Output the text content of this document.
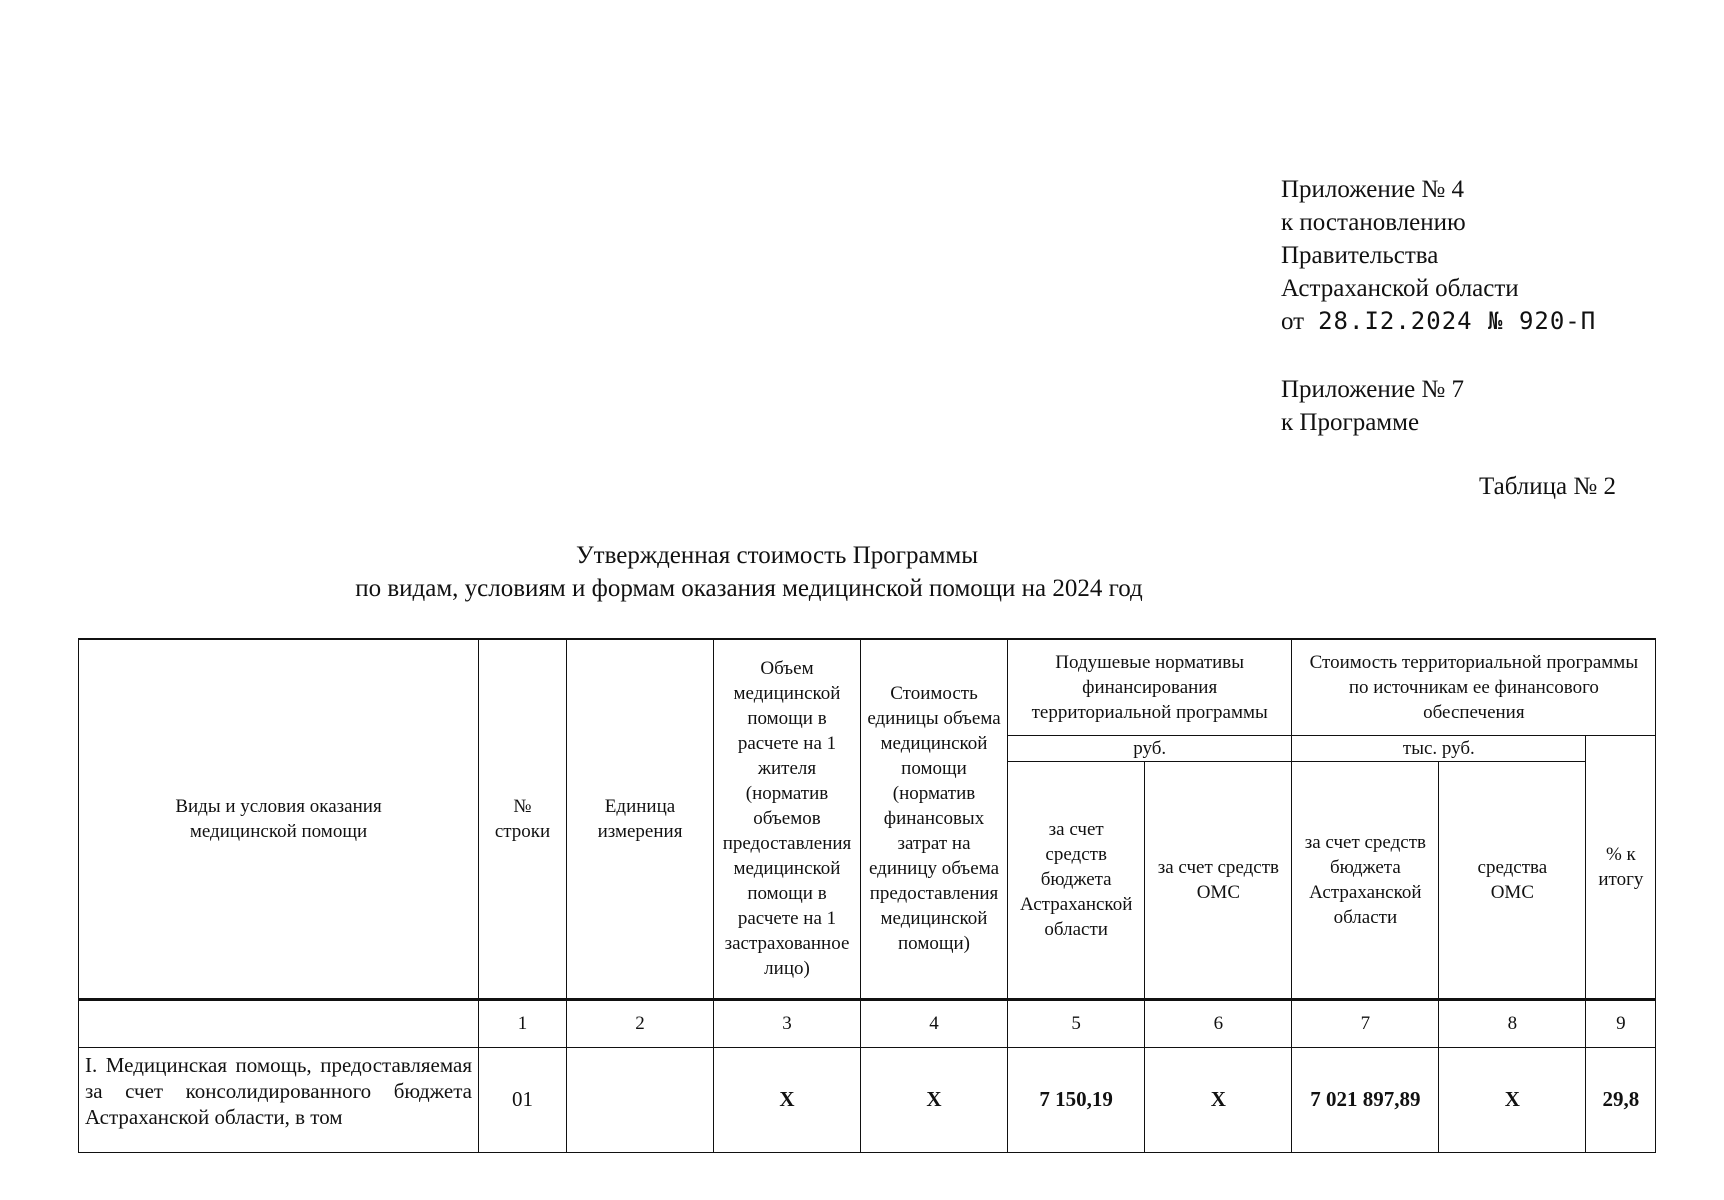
Приложение № 4
к постановлению
Правительства
Астраханской области
от 28.I2.2024 № 920-П
Приложение № 7
к Программе
Таблица № 2
Утвержденная стоимость Программы
по видам, условиям и формам оказания медицинской помощи на 2024 год
Виды и условия оказания медицинской помощи	№ строки	Единица измерения	Объем медицинской помощи в расчете на 1 жителя (норматив объемов предоставления медицинской помощи в расчете на 1 застрахованное лицо)	Стоимость единицы объема медицинской помощи (норматив финансовых затрат на единицу объема предоставления медицинской помощи)	Подушевые нормативы финансирования территориальной программы		Стоимость территориальной программы по источникам ее финансового обеспечения		
					руб.		тыс. руб.		% к итогу
					за счет средств бюджета Астраханской области	за счет средств ОМС	за счет средств бюджета Астраханской области	средства ОМС	
	1	2	3	4	5	6	7	8	9
I. Медицинская помощь, предоставляемая за счет консолидированного бюджета Астраханской области, в том	01		X	X	7 150,19	X	7 021 897,89	X	29,8
